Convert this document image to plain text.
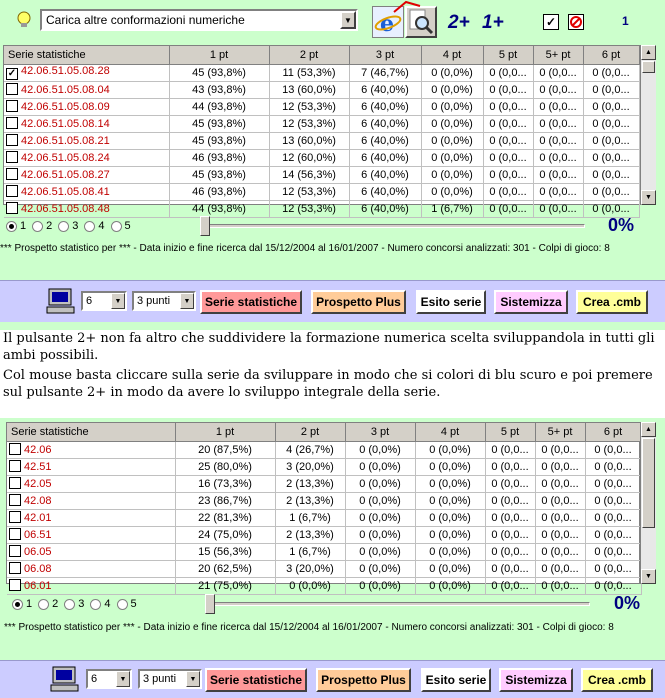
Carica altre conformazioni numeriche	▼ e	2+ 1+	✓	1
Serie statistiche	1 pt	2 pt	3 pt	4 pt	5 pt	5+ pt	6 pt
✓ 42.06.51.05.08.28	45 (93,8%)	11 (53,3%)	7 (46,7%)	0 (0,0%)	0 (0,0...	0 (0,0...	0 (0,0...
42.06.51.05.08.04	43 (93,8%)	13 (60,0%)	6 (40,0%)	0 (0,0%)	0 (0,0...	0 (0,0...	0 (0,0...
42.06.51.05.08.09	44 (93,8%)	12 (53,3%)	6 (40,0%)	0 (0,0%)	0 (0,0...	0 (0,0...	0 (0,0...
42.06.51.05.08.14	45 (93,8%)	12 (53,3%)	6 (40,0%)	0 (0,0%)	0 (0,0...	0 (0,0...	0 (0,0...
42.06.51.05.08.21	45 (93,8%)	13 (60,0%)	6 (40,0%)	0 (0,0%)	0 (0,0...	0 (0,0...	0 (0,0...
42.06.51.05.08.24	46 (93,8%)	12 (60,0%)	6 (40,0%)	0 (0,0%)	0 (0,0...	0 (0,0...	0 (0,0...
42.06.51.05.08.27	45 (93,8%)	14 (56,3%)	6 (40,0%)	0 (0,0%)	0 (0,0...	0 (0,0...	0 (0,0...
42.06.51.05.08.41	46 (93,8%)	12 (53,3%)	6 (40,0%)	0 (0,0%)	0 (0,0...	0 (0,0...	0 (0,0...
42.06.51.05.08.48	44 (93,8%)	12 (53,3%)	6 (40,0%)	1 (6,7%)	0 (0,0...	0 (0,0...	0 (0,0...
▲
▼
1 2 3 4 5	0%
*** Prospetto statistico per *** - Data inizio e fine ricerca dal 15/12/2004 al 16/01/2007 - Numero concorsi analizzati: 301 - Colpi di gioco: 8
6	▼	3 punti	▼	Serie statistiche	Prospetto Plus	Esito serie	Sistemizza	Crea .cmb

Il pulsante 2+ non fa altro che suddividere la formazione numerica scelta sviluppandola in tutti gli ambi possibili.

Col mouse basta cliccare sulla serie da sviluppare in modo che si colori di blu scuro e poi premere sul pulsante 2+ in modo da avere lo sviluppo integrale della serie.

Serie statistiche	1 pt	2 pt	3 pt	4 pt	5 pt	5+ pt	6 pt
42.06	20 (87,5%)	4 (26,7%)	0 (0,0%)	0 (0,0%)	0 (0,0...	0 (0,0...	0 (0,0...
42.51	25 (80,0%)	3 (20,0%)	0 (0,0%)	0 (0,0%)	0 (0,0...	0 (0,0...	0 (0,0...
42.05	16 (73,3%)	2 (13,3%)	0 (0,0%)	0 (0,0%)	0 (0,0...	0 (0,0...	0 (0,0...
42.08	23 (86,7%)	2 (13,3%)	0 (0,0%)	0 (0,0%)	0 (0,0...	0 (0,0...	0 (0,0...
42.01	22 (81,3%)	1 (6,7%)	0 (0,0%)	0 (0,0%)	0 (0,0...	0 (0,0...	0 (0,0...
06.51	24 (75,0%)	2 (13,3%)	0 (0,0%)	0 (0,0%)	0 (0,0...	0 (0,0...	0 (0,0...
06.05	15 (56,3%)	1 (6,7%)	0 (0,0%)	0 (0,0%)	0 (0,0...	0 (0,0...	0 (0,0...
06.08	20 (62,5%)	3 (20,0%)	0 (0,0%)	0 (0,0%)	0 (0,0...	0 (0,0...	0 (0,0...
06.01	21 (75,0%)	0 (0,0%)	0 (0,0%)	0 (0,0%)	0 (0,0...	0 (0,0...	0 (0,0...
▲
▼
1 2 3 4 5	0%
*** Prospetto statistico per *** - Data inizio e fine ricerca dal 15/12/2004 al 16/01/2007 - Numero concorsi analizzati: 301 - Colpi di gioco: 8
6	▼	3 punti	▼	Serie statistiche	Prospetto Plus	Esito serie	Sistemizza	Crea .cmb
